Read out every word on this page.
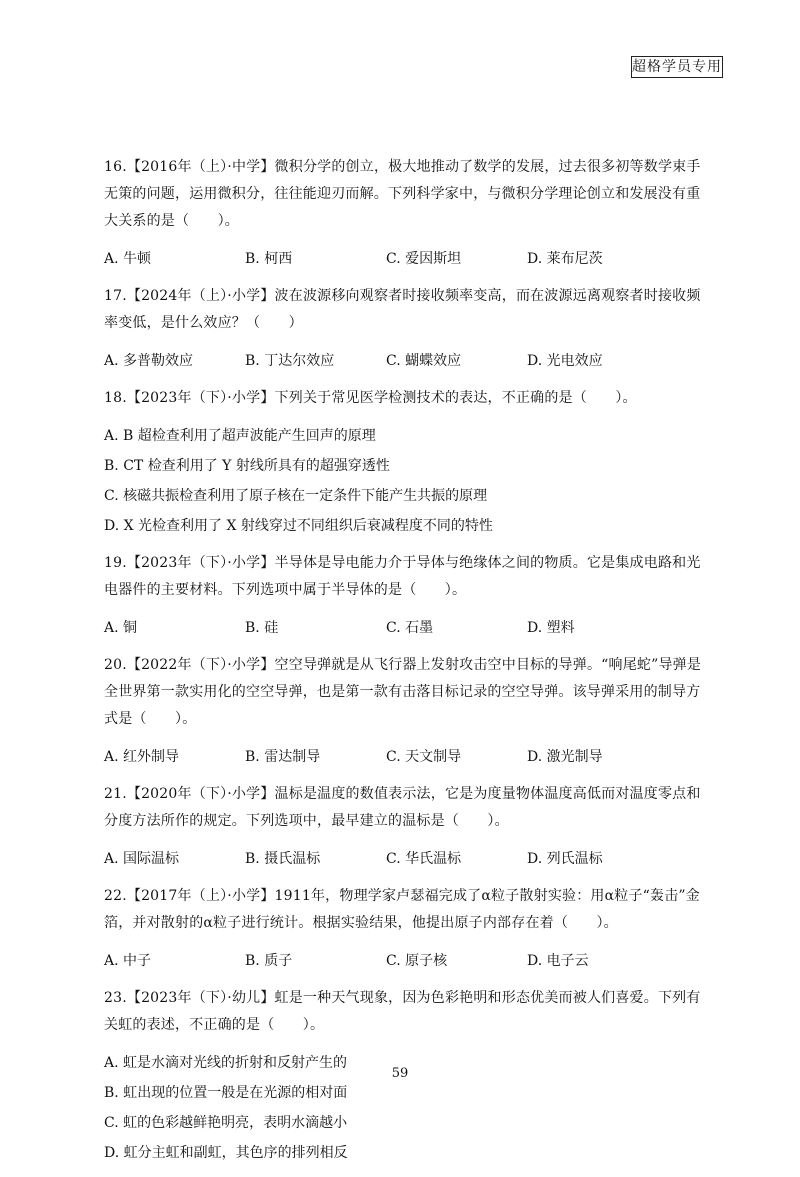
超格学员专用

16.【2016年（上）·中学】微积分学的创立，极大地推动了数学的发展，过去很多初等数学束手无策的问题，运用微积分，往往能迎刃而解。下列科学家中，与微积分学理论创立和发展没有重大关系的是（　　）。

A. 牛顿	B. 柯西	C. 爱因斯坦	D. 莱布尼茨

17.【2024年（上）·小学】波在波源移向观察者时接收频率变高，而在波源远离观察者时接收频率变低，是什么效应？（　　）

A. 多普勒效应	B. 丁达尔效应	C. 蝴蝶效应	D. 光电效应

18.【2023年（下）·小学】下列关于常见医学检测技术的表达，不正确的是（　　）。

A. B 超检查利用了超声波能产生回声的原理
B. CT 检查利用了 Y 射线所具有的超强穿透性
C. 核磁共振检查利用了原子核在一定条件下能产生共振的原理
D. X 光检查利用了 X 射线穿过不同组织后衰减程度不同的特性

19.【2023年（下）·小学】半导体是导电能力介于导体与绝缘体之间的物质。它是集成电路和光电器件的主要材料。下列选项中属于半导体的是（　　）。

A. 铜	B. 硅	C. 石墨	D. 塑料

20.【2022年（下）·小学】空空导弹就是从飞行器上发射攻击空中目标的导弹。“响尾蛇”导弹是全世界第一款实用化的空空导弹，也是第一款有击落目标记录的空空导弹。该导弹采用的制导方式是（　　）。

A. 红外制导	B. 雷达制导	C. 天文制导	D. 激光制导

21.【2020年（下）·小学】温标是温度的数值表示法，它是为度量物体温度高低而对温度零点和分度方法所作的规定。下列选项中，最早建立的温标是（　　）。

A. 国际温标	B. 摄氏温标	C. 华氏温标	D. 列氏温标

22.【2017年（上）·小学】1911年，物理学家卢瑟福完成了α粒子散射实验：用α粒子“轰击”金箔，并对散射的α粒子进行统计。根据实验结果，他提出原子内部存在着（　　）。

A. 中子	B. 质子	C. 原子核	D. 电子云

23.【2023年（下）·幼儿】虹是一种天气现象，因为色彩艳明和形态优美而被人们喜爱。下列有关虹的表述，不正确的是（　　）。

A. 虹是水滴对光线的折射和反射产生的
B. 虹出现的位置一般是在光源的相对面
C. 虹的色彩越鲜艳明亮，表明水滴越小
D. 虹分主虹和副虹，其色序的排列相反
59
